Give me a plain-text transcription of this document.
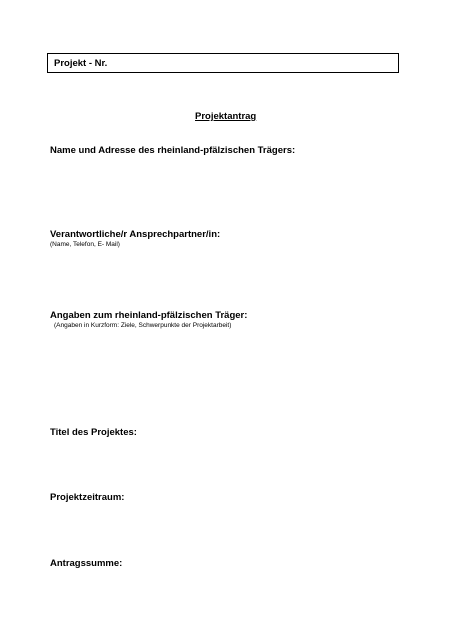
Projekt - Nr.
Projektantrag
Name und Adresse des rheinland-pfälzischen Trägers:
Verantwortliche/r Ansprechpartner/in:
(Name, Telefon, E- Mail)
Angaben zum rheinland-pfälzischen Träger:
(Angaben in Kurzform: Ziele, Schwerpunkte der Projektarbeit)
Titel des Projektes:
Projektzeitraum:
Antragssumme:
